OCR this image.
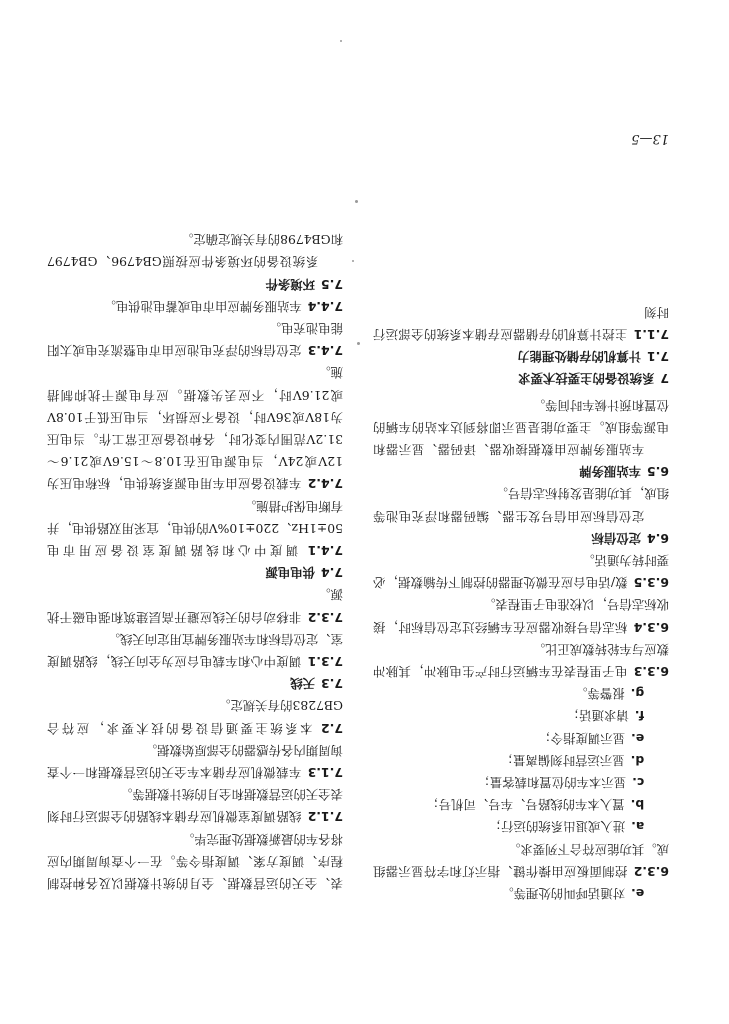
e.对通话呼叫的处理等。

6.3.2控制面板应由操作键、指示灯和字符显示器组成。其功能应符合下列要求。

a.进入或退出系统的运行；

b.置入本车的线路号、车号、司机号；

c.显示本车的位置和载客量；

d.显示运营时刻偏离量；

e.显示调度指令；

f.请求通话；

g.报警等。

6.3.3电子里程表在车辆运行时产生电脉冲，其脉冲数应与车轮转数成正比。

6.3.4标志信号接收器应在车辆经过定位信标时，接收标志信号，以校准电子里程表。

6.3.5数/话电台应在微处理器的控制下传输数据，必要时转为通话。

6.4定位信标

定位信标应由信号发生器、编码器和浮充电池等组成，其功能是发射标志信号。

6.5车站服务牌

车站服务牌应由数据接收器、译码器、显示器和电源等组成。主要功能是显示即将到达本站的车辆的位置和预计候车时间等。

7系统设备的主要技术要求

7.1计算机的存储处理能力

7.1.1主控计算机的存储器应存储本系统的全部运行时刻

表、全天的运营数据、全月的统计数据以及各种控制程序、调度方案、调度指令等。在一个查询周期内应将各车的最新数据处理完毕。

7.1.2线路调度室微机应存储本线路的全部运行时刻表全天的运营数据和全月的统计数据等。

7.1.3车载微机应存储本车全天的运营数据和一个查询周期内各传感器的全部原始数据。

7.2本系统主要通信设备的技术要求，应符合GB7283的有关规定。

7.3天线

7.3.1调度中心和车载电台应为全向天线，线路调度室、定位信标和车站服务牌宜用定向天线。

7.3.2非移动台的天线应避开高层建筑和强电磁干扰源。

7.4供电电源

7.4.1调度中心和线路调度室设备应用市电50±1Hz、220±10%V的供电，宜采用双路供电，并有断电保护措施。

7.4.2车载设备应由车用电源系统供电，标称电压为12V或24V，当电源电压在10.8～15.6V或21.6～31.2V范围内变化时，各种设备应正常工作。当电压为18V或36V时，设备不应损坏，当电压低于10.8V或21.6V时，不应丢失数据。应有电源干扰抑制措施。

7.4.3定位信标的浮充电池应由市电整流充电或太阳能电池充电。

7.4.4车站服务牌应由市电或蓄电池供电。

7.5环境条件

系统设备的环境条件应按照GB4796、GB4797和GB4798的有关规定确定。

13—5
